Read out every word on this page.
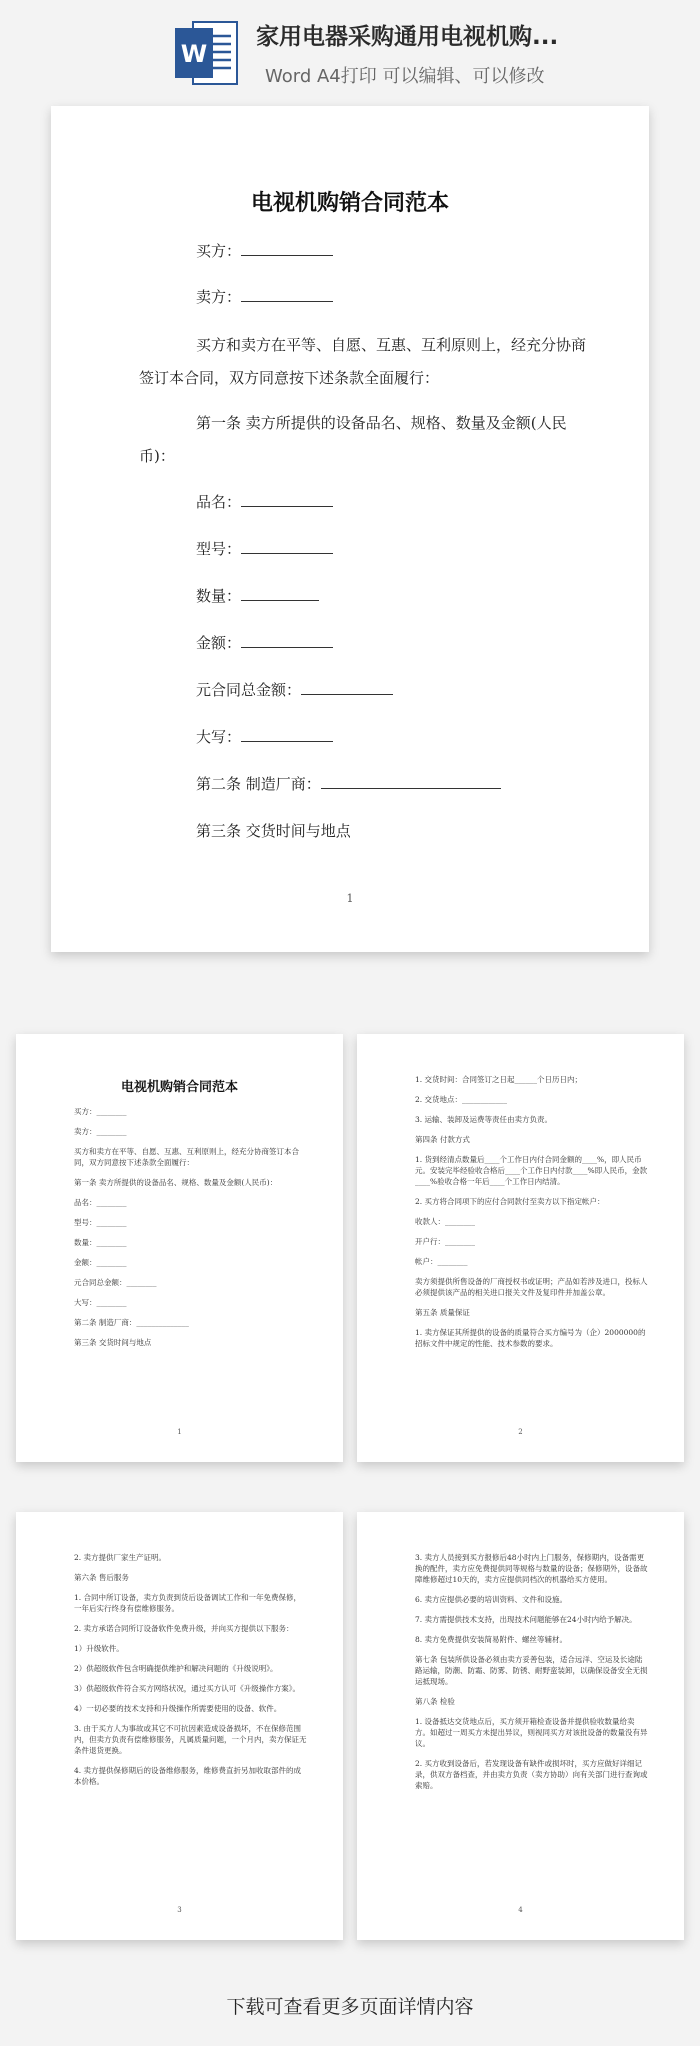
W
家用电器采购通用电视机购...
Word A4打印 可以编辑、可以修改
电视机购销合同范本
买方：
卖方：
买方和卖方在平等、自愿、互惠、互利原则上，经充分协商
签订本合同，双方同意按下述条款全面履行：
第一条 卖方所提供的设备品名、规格、数量及金额(人民
币)：
品名：
型号：
数量：
金额：
元合同总金额：
大写：
第二条 制造厂商：
第三条 交货时间与地点
1
电视机购销合同范本

买方：________

卖方：________

买方和卖方在平等、自愿、互惠、互利原则上，经充分协商签订本合同，双方同意按下述条款全面履行：

第一条 卖方所提供的设备品名、规格、数量及金额(人民币)：

品名：________

型号：________

数量：________

金额：________

元合同总金额：________

大写：________

第二条 制造厂商：______________

第三条 交货时间与地点

1

1. 交货时间：合同签订之日起______个日历日内；

2. 交货地点：____________

3. 运输、装卸及运费等责任由卖方负责。

第四条 付款方式

1. 货到经清点数量后____个工作日内付合同金额的____%，即人民币元。安装完毕经验收合格后____个工作日内付款____%即人民币，金款____%验收合格一年后____个工作日内结清。

2. 买方将合同项下的应付合同款付至卖方以下指定帐户：

收款人：________

开户行：________

帐户：________

卖方须提供所售设备的厂商授权书或证明；产品如若涉及进口，投标人必须提供该产品的相关进口报关文件及复印件并加盖公章。

第五条 质量保证

1. 卖方保证其所提供的设备的质量符合买方编号为（企）2000000的招标文件中规定的性能、技术参数的要求。

2

2. 卖方提供厂家生产证明。

第六条 售后服务

1. 合同中所订设备，卖方负责到货后设备调试工作和一年免费保修，一年后实行终身有偿维修服务。

2. 卖方承诺合同所订设备软件免费升级，并向买方提供以下服务：

1）升级软件。

2）供超级软件包含明确提供维护和解决问题的《升级说明》。

3）供超级软件符合买方网络状况，通过买方认可《升级操作方案》。

4）一切必要的技术支持和升级操作所需要使用的设备、软件。

3. 由于买方人为事故或其它不可抗因素造成设备损坏，不在保修范围内，但卖方负责有偿维修服务，凡属质量问题，一个月内，卖方保证无条件退货更换。

4. 卖方提供保修期后的设备维修服务，维修费直折另加收取部件的成本价格。

3

3. 卖方人员接到买方报修后48小时内上门服务，保修期内，设备需更换的配件，卖方应免费提供同等规格与数量的设备；保修期外，设备故障维修超过10天的，卖方应提供同档次的机器给买方使用。

6. 卖方应提供必要的培训资料、文件和设施。

7. 卖方需提供技术支持，出现技术问题能够在24小时内给予解决。

8. 卖方免费提供安装简易附件、螺丝等辅材。

第七条 包装所供设备必须由卖方妥善包装，适合远洋、空运及长途陆路运输，防潮、防霜、防雾、防锈、耐野蛮装卸，以确保设备安全无损运抵现场。

第八条 检验

1. 设备抵达交货地点后，买方须开箱检查设备并提供验收数量给卖方。如超过一周买方未提出异议，则视同买方对该批设备的数量没有异议。

2. 买方收到设备后，若发现设备有缺件或损坏时，买方应做好详细记录，供双方备档查，并由卖方负责（卖方协助）向有关部门进行查询或索赔。

4
下载可查看更多页面详情内容
